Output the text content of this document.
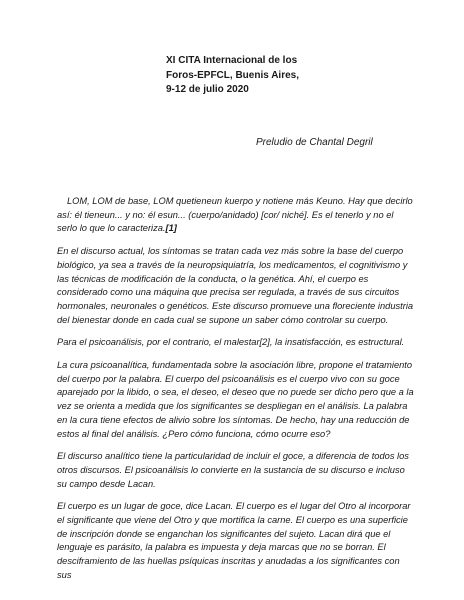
XI CITA Internacional de los
Foros-EPFCL, Buenis Aires,
9-12 de julio 2020
Preludio de Chantal Degril

LOM, LOM de base, LOM quetieneun kuerpo y notiene más Keuno. Hay que decirlo así: él tieneun... y no: él esun... (cuerpo/anidado) [cor/ niché]. Es el tenerlo y no el serlo lo que lo caracteriza.[1]

En el discurso actual, los síntomas se tratan cada vez más sobre la base del cuerpo biológico, ya sea a través de la neuropsiquiatría, los medicamentos, el cognitivismo y las técnicas de modificación de la conducta, o la genética. Ahí, el cuerpo es considerado como una máquina que precisa ser regulada, a través de sus circuitos hormonales, neuronales o genéticos. Este discurso promueve una floreciente industria del bienestar donde en cada cual se supone un saber cómo controlar su cuerpo.

Para el psicoanálisis, por el contrario, el malestar[2], la insatisfacción, es estructural.

La cura psicoanalítica, fundamentada sobre la asociación libre, propone el tratamiento del cuerpo por la palabra. El cuerpo del psicoanálisis es el cuerpo vivo con su goce aparejado por la libido, o sea, el deseo, el deseo que no puede ser dicho pero que a la vez se orienta a medida que los significantes se despliegan en el análisis. La palabra en la cura tiene efectos de alivio sobre los síntomas. De hecho, hay una reducción de estos al final del análisis. ¿Pero cómo funciona, cómo ocurre eso?

El discurso analítico tiene la particularidad de incluir el goce, a diferencia de todos los otros discursos. El psicoanálisis lo convierte en la sustancia de su discurso e incluso su campo desde Lacan.

El cuerpo es un lugar de goce, dice Lacan. El cuerpo es el lugar del Otro al incorporar el significante que viene del Otro y que mortifica la carne. El cuerpo es una superficie de inscripción donde se enganchan los significantes del sujeto. Lacan dirá que el lenguaje es parásito, la palabra es impuesta y deja marcas que no se borran. El desciframiento de las huellas psíquicas inscritas y anudadas a los significantes con sus
